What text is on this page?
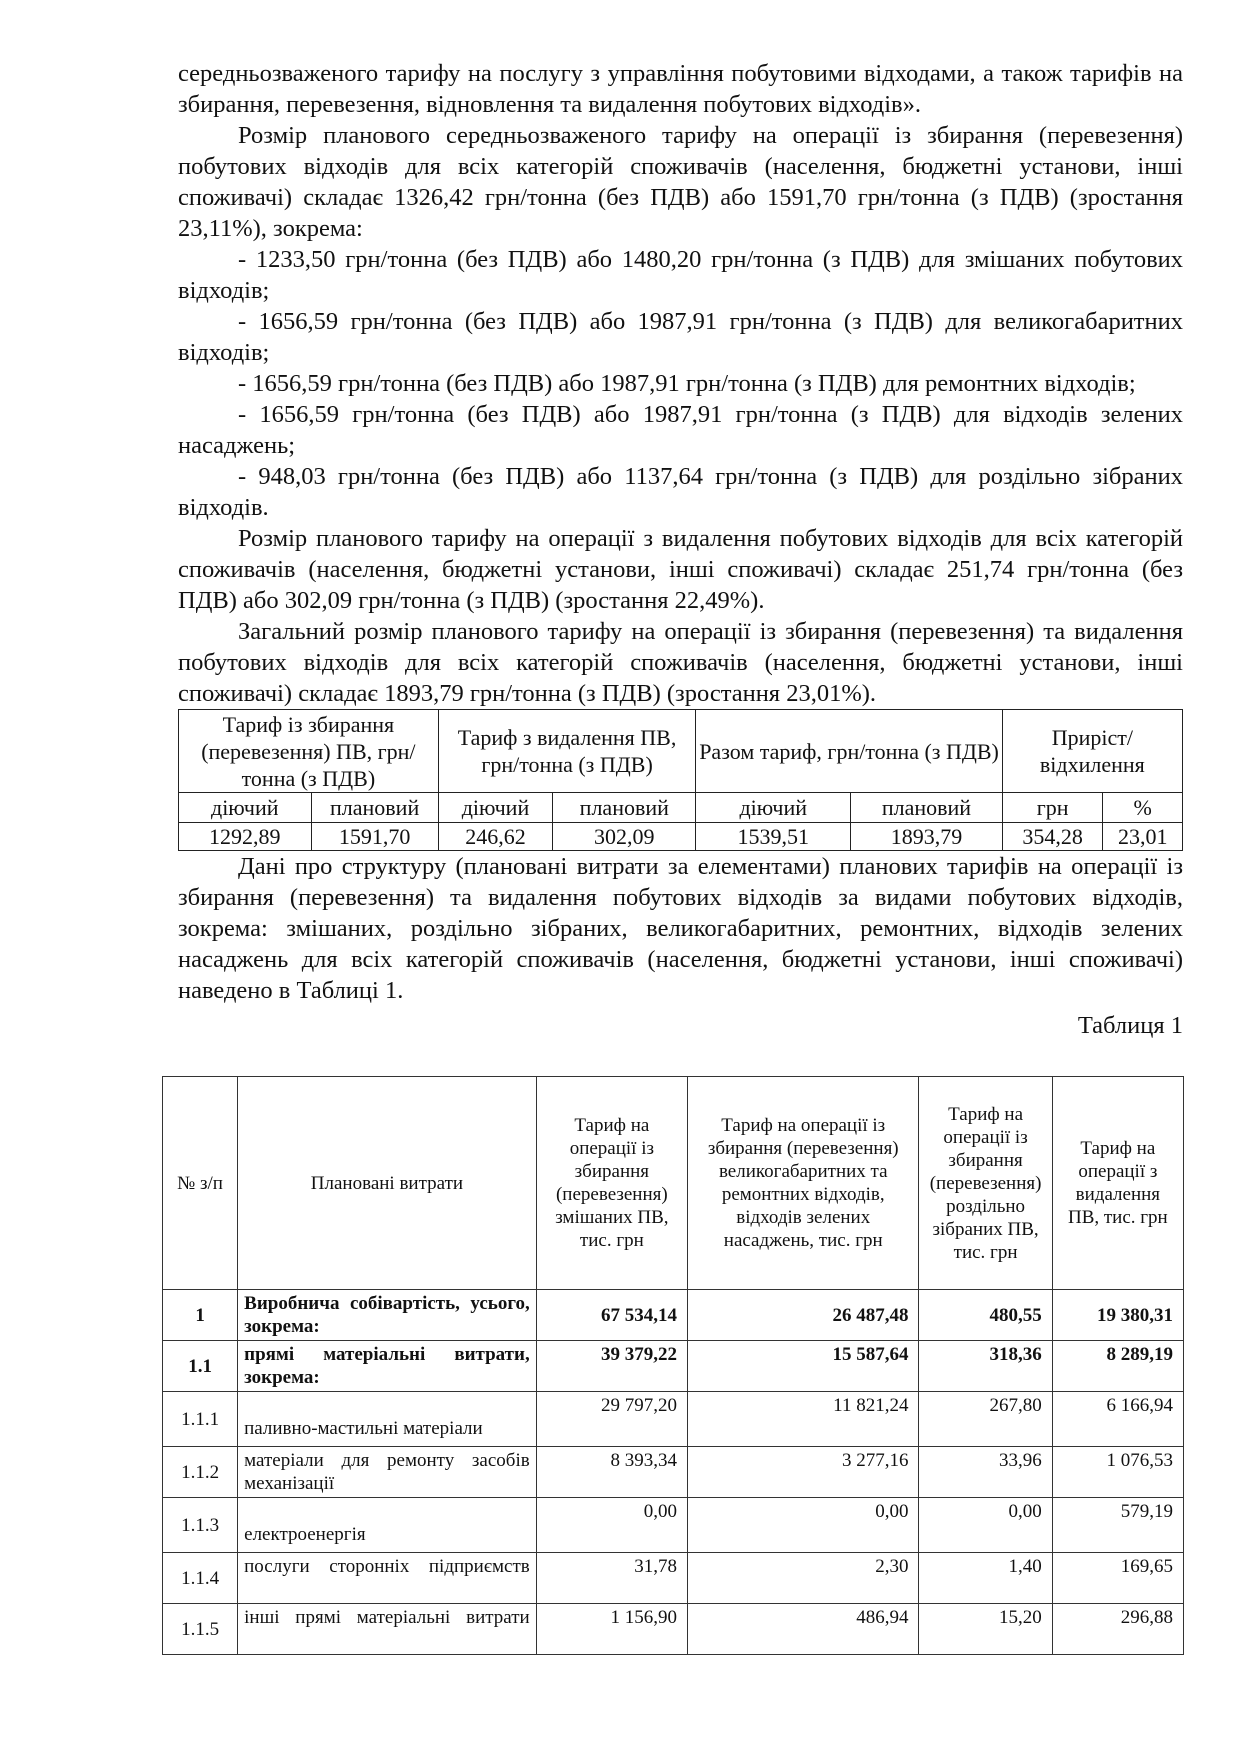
середньозваженого тарифу на послугу з управління побутовими відходами, а також тарифів на збирання, перевезення, відновлення та видалення побутових відходів».

Розмір планового середньозваженого тарифу на операції із збирання (перевезення) побутових відходів для всіх категорій споживачів (населення, бюджетні установи, інші споживачі) складає 1326,42 грн/тонна (без ПДВ) або 1591,70 грн/тонна (з ПДВ) (зростання 23,11%), зокрема:

- 1233,50 грн/тонна (без ПДВ) або 1480,20 грн/тонна (з ПДВ) для змішаних побутових відходів;

- 1656,59 грн/тонна (без ПДВ) або 1987,91 грн/тонна (з ПДВ) для великогабаритних відходів;

- 1656,59 грн/тонна (без ПДВ) або 1987,91 грн/тонна (з ПДВ) для ремонтних відходів;

- 1656,59 грн/тонна (без ПДВ) або 1987,91 грн/тонна (з ПДВ) для відходів зелених насаджень;

- 948,03 грн/тонна (без ПДВ) або 1137,64 грн/тонна (з ПДВ) для роздільно зібраних відходів.

Розмір планового тарифу на операції з видалення побутових відходів для всіх категорій споживачів (населення, бюджетні установи, інші споживачі) складає 251,74 грн/тонна (без ПДВ) або 302,09 грн/тонна (з ПДВ) (зростання 22,49%).

Загальний розмір планового тарифу на операції із збирання (перевезення) та видалення побутових відходів для всіх категорій споживачів (населення, бюджетні установи, інші споживачі) складає 1893,79 грн/тонна (з ПДВ) (зростання 23,01%).

Тариф із збирання (перевезення) ПВ, грн/тонна (з ПДВ)		Тариф з видалення ПВ, грн/тонна (з ПДВ)		Разом тариф, грн/тонна (з ПДВ)		Приріст/ відхилення	
діючий	плановий	діючий	плановий	діючий	плановий	грн	%
1292,89	1591,70	246,62	302,09	1539,51	1893,79	354,28	23,01

Дані про структуру (плановані витрати за елементами) планових тарифів на операції із збирання (перевезення) та видалення побутових відходів за видами побутових відходів, зокрема: змішаних, роздільно зібраних, великогабаритних, ремонтних, відходів зелених насаджень для всіх категорій споживачів (населення, бюджетні установи, інші споживачі) наведено в Таблиці 1.

Таблиця 1
№ з/п	Плановані витрати	Тариф на операції із збирання (перевезення) змішаних ПВ, тис. грн	Тариф на операції із збирання (перевезення) великогабаритних та ремонтних відходів, відходів зелених насаджень, тис. грн	Тариф на операції із збирання (перевезення) роздільно зібраних ПВ, тис. грн	Тариф на операції з видалення ПВ, тис. грн
1	Виробнича собівартість, усього, зокрема:	67 534,14	26 487,48	480,55	19 380,31
1.1	прямі матеріальні витрати, зокрема:	39 379,22	15 587,64	318,36	8 289,19
1.1.1	паливно-мастильні матеріали	29 797,20	11 821,24	267,80	6 166,94
1.1.2	матеріали для ремонту засобів механізації	8 393,34	3 277,16	33,96	1 076,53
1.1.3	електроенергія	0,00	0,00	0,00	579,19
1.1.4	послуги сторонніх підприємств	31,78	2,30	1,40	169,65
1.1.5	інші прямі матеріальні витрати	1 156,90	486,94	15,20	296,88
